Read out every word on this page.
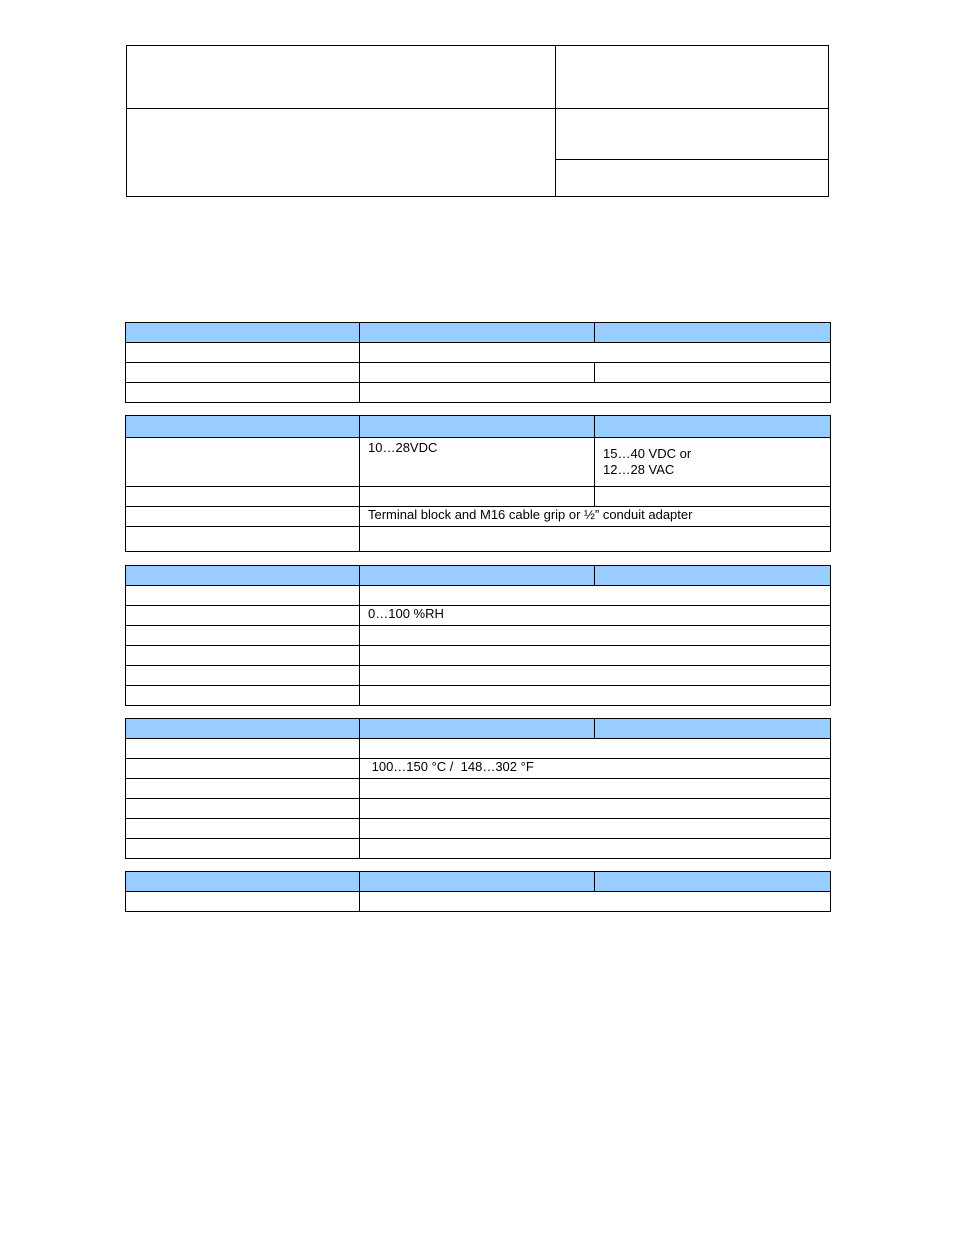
	10…28VDC	15…40 VDC or
12…28 VAC

	Terminal block and M16 cable grip or ½” conduit adapter	

	0…100 %RH	

	100…150 °C /  148…302 °F	
